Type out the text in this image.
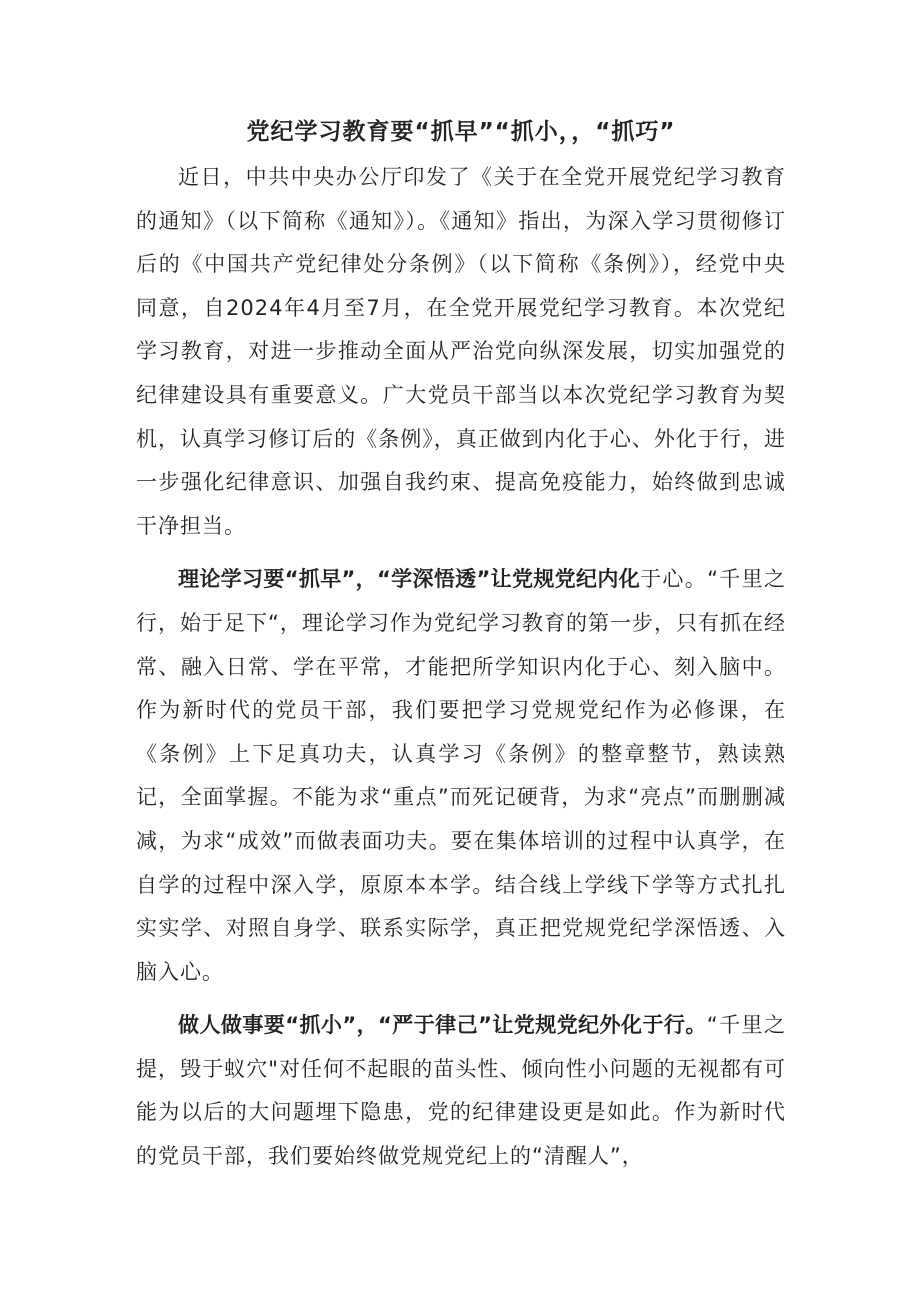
党纪学习教育要“抓早”“抓小，，“抓巧”

近日，中共中央办公厅印发了《关于在全党开展党纪学习教育的通知》（以下简称《通知》）。《通知》指出，为深入学习贯彻修订后的《中国共产党纪律处分条例》（以下简称《条例》），经党中央同意，自2024年4月至7月，在全党开展党纪学习教育。本次党纪学习教育，对进一步推动全面从严治党向纵深发展，切实加强党的纪律建设具有重要意义。广大党员干部当以本次党纪学习教育为契机，认真学习修订后的《条例》，真正做到内化于心、外化于行，进一步强化纪律意识、加强自我约束、提高免疫能力，始终做到忠诚干净担当。

理论学习要“抓早”，“学深悟透”让党规党纪内化于心。“千里之行，始于足下“，理论学习作为党纪学习教育的第一步，只有抓在经常、融入日常、学在平常，才能把所学知识内化于心、刻入脑中。作为新时代的党员干部，我们要把学习党规党纪作为必修课，在《条例》上下足真功夫，认真学习《条例》的整章整节，熟读熟记，全面掌握。不能为求“重点”而死记硬背，为求“亮点”而删删减减，为求“成效”而做表面功夫。要在集体培训的过程中认真学，在自学的过程中深入学，原原本本学。结合线上学线下学等方式扎扎实实学、对照自身学、联系实际学，真正把党规党纪学深悟透、入脑入心。

做人做事要“抓小”，“严于律己”让党规党纪外化于行。“千里之提，毁于蚁穴"对任何不起眼的苗头性、倾向性小问题的无视都有可能为以后的大问题埋下隐患，党的纪律建设更是如此。作为新时代的党员干部，我们要始终做党规党纪上的“清醒人”，
